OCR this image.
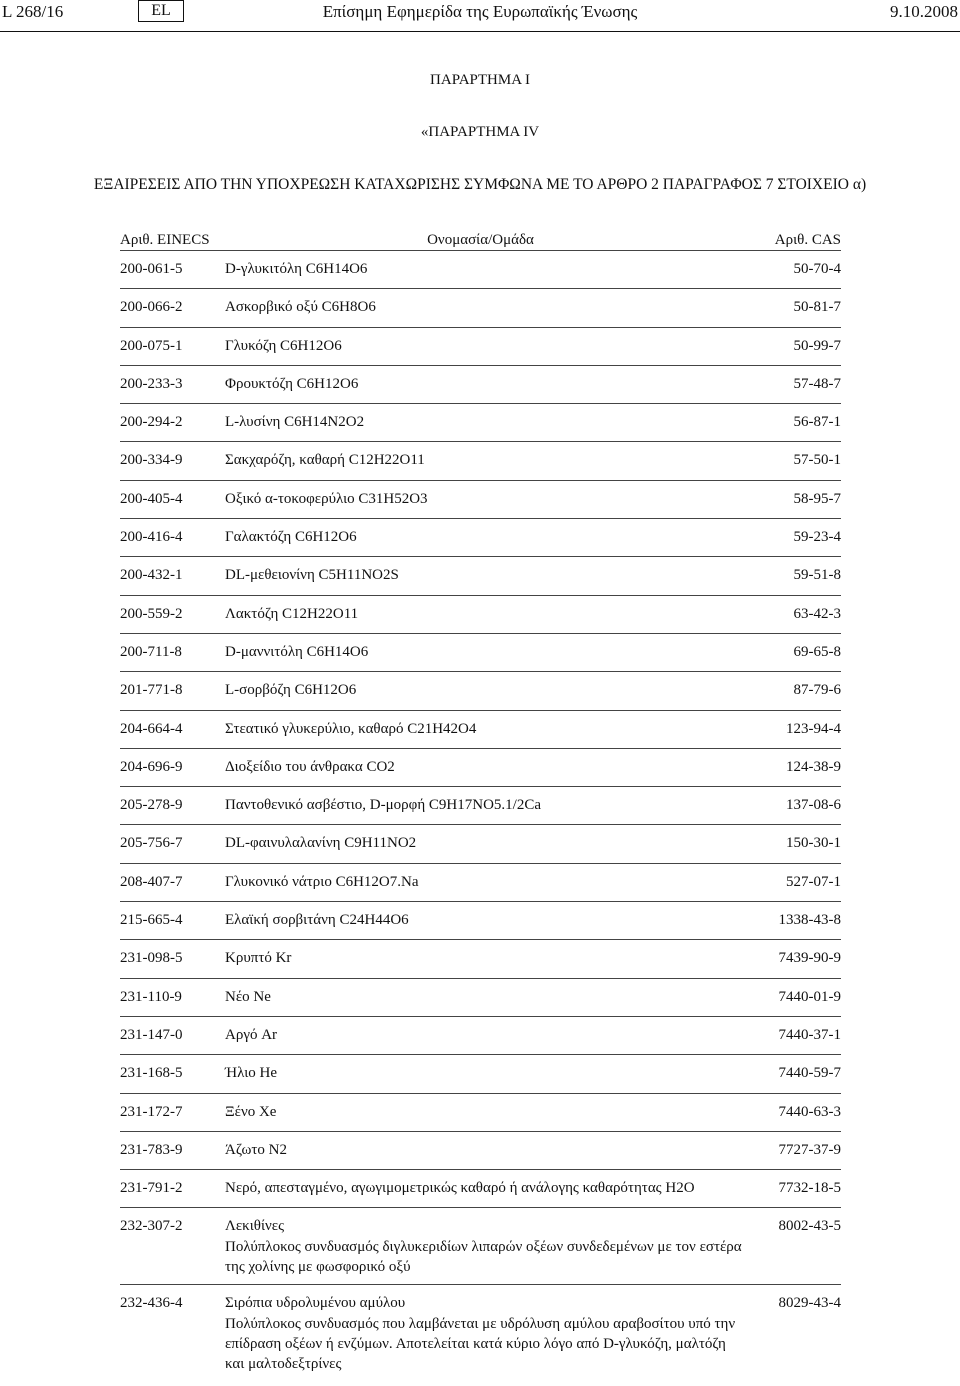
L 268/16	EL	Επίσημη Εφημερίδα της Ευρωπαϊκής Ένωσης	9.10.2008
ΠΑΡΑΡΤΗΜΑ I
«ΠΑΡΑΡΤΗΜΑ IV
ΕΞΑΙΡΕΣΕΙΣ ΑΠΟ ΤΗΝ ΥΠΟΧΡΕΩΣΗ ΚΑΤΑΧΩΡΙΣΗΣ ΣΥΜΦΩΝΑ ΜΕ ΤΟ ΑΡΘΡΟ 2 ΠΑΡΑΓΡΑΦΟΣ 7 ΣΤΟΙΧΕΙΟ α)
Αριθ. EINECS	Ονομασία/Ομάδα	Αριθ. CAS
200-061-5	D-γλυκιτόλη C6H14O6	50-70-4
200-066-2	Ασκορβικό οξύ C6H8O6	50-81-7
200-075-1	Γλυκόζη C6H12O6	50-99-7
200-233-3	Φρουκτόζη C6H12O6	57-48-7
200-294-2	L-λυσίνη C6H14N2O2	56-87-1
200-334-9	Σακχαρόζη, καθαρή C12H22O11	57-50-1
200-405-4	Οξικό α-τοκοφερύλιο C31H52O3	58-95-7
200-416-4	Γαλακτόζη C6H12O6	59-23-4
200-432-1	DL-μεθειονίνη C5H11NO2S	59-51-8
200-559-2	Λακτόζη C12H22O11	63-42-3
200-711-8	D-μαννιτόλη C6H14O6	69-65-8
201-771-8	L-σορβόζη C6H12O6	87-79-6
204-664-4	Στεατικό γλυκερύλιο, καθαρό C21H42O4	123-94-4
204-696-9	Διοξείδιο του άνθρακα CO2	124-38-9
205-278-9	Παντοθενικό ασβέστιο, D-μορφή C9H17NO5.1/2Ca	137-08-6
205-756-7	DL-φαινυλαλανίνη C9H11NO2	150-30-1
208-407-7	Γλυκονικό νάτριο C6H12O7.Na	527-07-1
215-665-4	Ελαϊκή σορβιτάνη C24H44O6	1338-43-8
231-098-5	Κρυπτό Kr	7439-90-9
231-110-9	Νέο Ne	7440-01-9
231-147-0	Αργό Ar	7440-37-1
231-168-5	Ήλιο He	7440-59-7
231-172-7	Ξένο Xe	7440-63-3
231-783-9	Άζωτο N2	7727-37-9
231-791-2	Νερό, απεσταγμένο, αγωγιμομετρικώς καθαρό ή ανάλογης καθαρότητας H2O	7732-18-5
232-307-2	Λεκιθίνες	8002-43-5
Πολύπλοκος συνδυασμός διγλυκεριδίων λιπαρών οξέων συνδεδεμένων με τον εστέρα
της χολίνης με φωσφορικό οξύ
232-436-4	Σιρόπια υδρολυμένου αμύλου	8029-43-4
Πολύπλοκος συνδυασμός που λαμβάνεται με υδρόλυση αμύλου αραβοσίτου υπό την
επίδραση οξέων ή ενζύμων. Αποτελείται κατά κύριο λόγο από D-γλυκόζη, μαλτόζη
και μαλτοδεξτρίνες
